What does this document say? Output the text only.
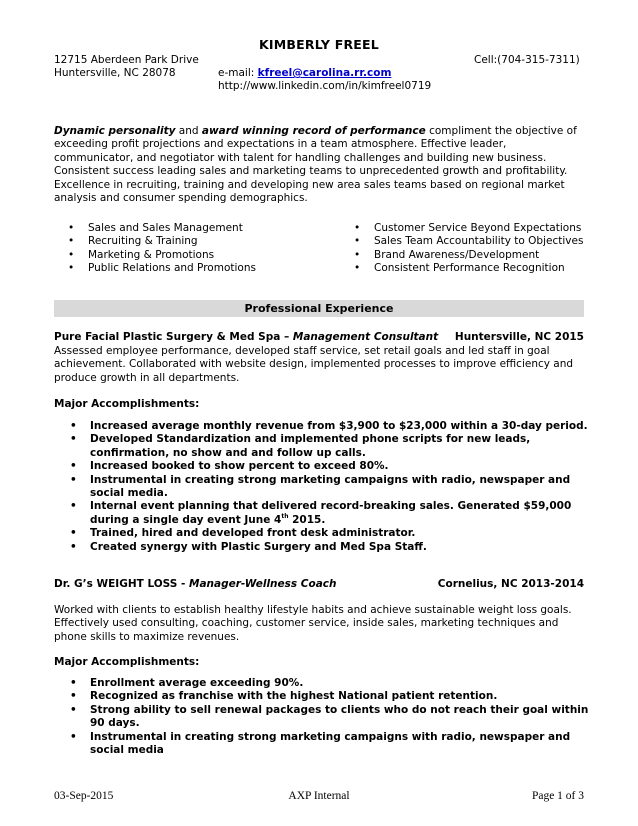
KIMBERLY FREEL
12715 Aberdeen Park Drive
Huntersville, NC 28078
Cell:(704-315-7311)
e-mail: kfreel@carolina.rr.com
http://www.linkedin.com/in/kimfreel0719

Dynamic personality and award winning record of performance compliment the objective of exceeding profit projections and expectations in a team atmosphere. Effective leader, communicator, and negotiator with talent for handling challenges and building new business. Consistent success leading sales and marketing teams to unprecedented growth and profitability. Excellence in recruiting, training and developing new area sales teams based on regional market analysis and consumer spending demographics.

• Sales and Sales Management
• Recruiting & Training
• Marketing & Promotions
• Public Relations and Promotions
• Customer Service Beyond Expectations
• Sales Team Accountability to Objectives
• Brand Awareness/Development
• Consistent Performance Recognition
Professional Experience
Pure Facial Plastic Surgery & Med Spa – Management Consultant Huntersville, NC 2015

Assessed employee performance, developed staff service, set retail goals and led staff in goal achievement. Collaborated with website design, implemented processes to improve efficiency and produce growth in all departments.

Major Accomplishments:
• Increased average monthly revenue from $3,900 to $23,000 within a 30-day period.
• Developed Standardization and implemented phone scripts for new leads, confirmation, no show and and follow up calls.
• Increased booked to show percent to exceed 80%.
• Instrumental in creating strong marketing campaigns with radio, newspaper and social media.
• Internal event planning that delivered record-breaking sales. Generated $59,000 during a single day event June 4th 2015.
• Trained, hired and developed front desk administrator.
• Created synergy with Plastic Surgery and Med Spa Staff.
Dr. G’s WEIGHT LOSS - Manager-Wellness Coach	Cornelius, NC 2013-2014

Worked with clients to establish healthy lifestyle habits and achieve sustainable weight loss goals. Effectively used consulting, coaching, customer service, inside sales, marketing techniques and phone skills to maximize revenues.

Major Accomplishments:
• Enrollment average exceeding 90%.
• Recognized as franchise with the highest National patient retention.
• Strong ability to sell renewal packages to clients who do not reach their goal within 90 days.
• Instrumental in creating strong marketing campaigns with radio, newspaper and social media
03-Sep-2015	AXP Internal	Page 1 of 3
